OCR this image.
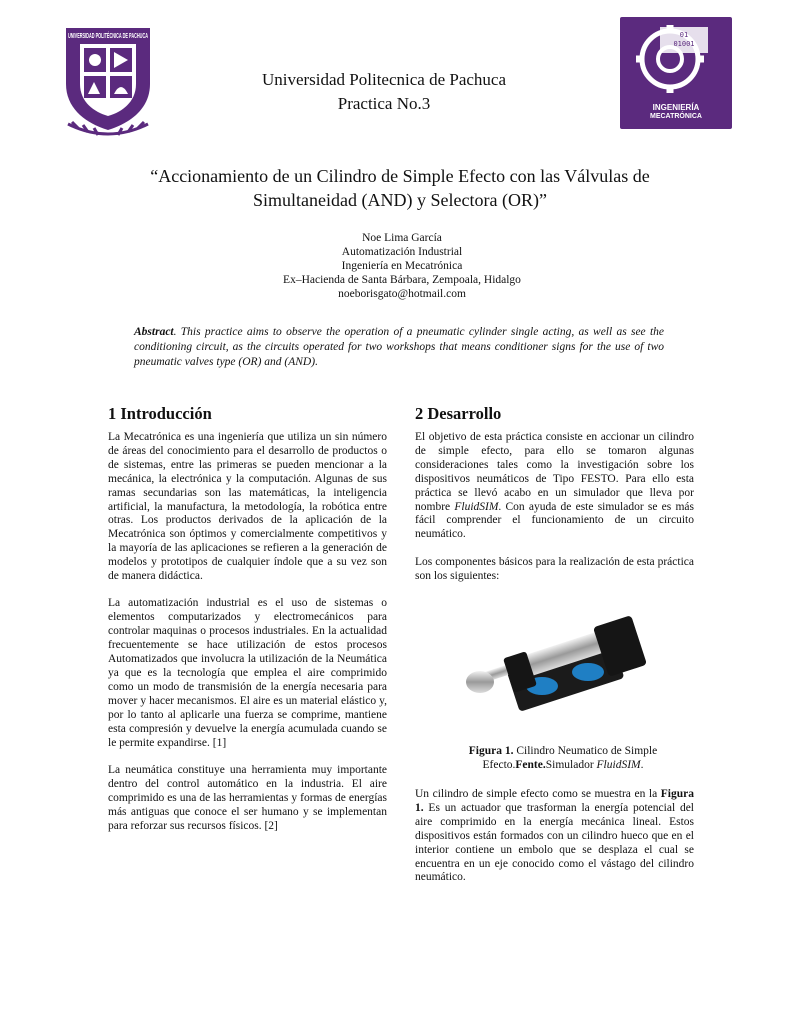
UNIVERSIDAD POLITÉCNICA DE PACHUCA	01
01001
INGENIERÍA
MECATRÓNICA
Universidad Politecnica de Pachuca
Practica No.3
“Accionamiento de un Cilindro de Simple Efecto con las Válvulas de
Simultaneidad (AND) y Selectora (OR)”
Noe Lima García
Automatización Industrial
Ingeniería en Mecatrónica
Ex–Hacienda de Santa Bárbara, Zempoala, Hidalgo
noeborisgato@hotmail.com
Abstract. This practice aims to observe the operation of a pneumatic cylinder single acting, as well as see the conditioning circuit, as the circuits operated for two workshops that means conditioner signs for the use of two pneumatic valves type (OR) and (AND).
1 Introducción

La Mecatrónica es una ingeniería que utiliza un sin número de áreas del conocimiento para el desarrollo de productos o de sistemas, entre las primeras se pueden mencionar a la mecánica, la electrónica y la computación. Algunas de sus ramas secundarias son las matemáticas, la inteligencia artificial, la manufactura, la metodología, la robótica entre otras. Los productos derivados de la aplicación de la Mecatrónica son óptimos y comercialmente competitivos y la mayoría de las aplicaciones se refieren a la generación de modelos y prototipos de cualquier índole que a su vez son de manera didáctica.

La automatización industrial es el uso de sistemas o elementos computarizados y electromecánicos para controlar maquinas o procesos industriales. En la actualidad frecuentemente se hace utilización de estos procesos Automatizados que involucra la utilización de la Neumática ya que es la tecnología que emplea el aire comprimido como un modo de transmisión de la energía necesaria para mover y hacer mecanismos. El aire es un material elástico y, por lo tanto al aplicarle una fuerza se comprime, mantiene esta compresión y devuelve la energía acumulada cuando se le permite expandirse. [1]

La neumática constituye una herramienta muy importante dentro del control automático en la industria. El aire comprimido es una de las herramientas y formas de energías más antiguas que conoce el ser humano y se implementan para reforzar sus recursos físicos. [2]

2 Desarrollo

El objetivo de esta práctica consiste en accionar un cilindro de simple efecto, para ello se tomaron algunas consideraciones tales como la investigación sobre los dispositivos neumáticos de Tipo FESTO. Para ello esta práctica se llevó acabo en un simulador que lleva por nombre FluidSIM. Con ayuda de este simulador se es más fácil comprender el funcionamiento de un circuito neumático.

Los componentes básicos para la realización de esta práctica son los siguientes:

Figura 1. Cilindro Neumatico de Simple
Efecto.Fente.Simulador FluidSIM.

Un cilindro de simple efecto como se muestra en la Figura 1. Es un actuador que trasforman la energía potencial del aire comprimido en la energía mecánica lineal. Estos dispositivos están formados con un cilindro hueco que en el interior contiene un embolo que se desplaza el cual se encuentra en un eje conocido como el vástago del cilindro neumático.
